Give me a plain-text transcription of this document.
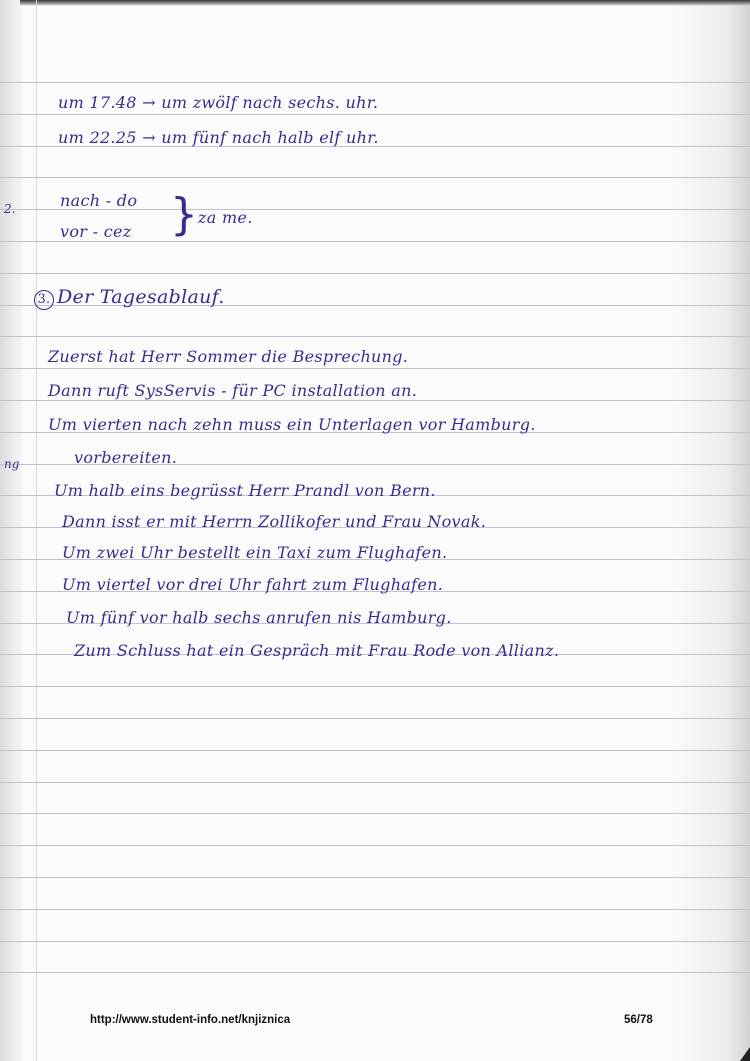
um 17.48 → um zwölf nach sechs. uhr.
um 22.25 → um fünf nach halb elf uhr.
2.	nach - do
vor - cez } za me.
3. Der Tagesablauf.
Zuerst hat Herr Sommer die Besprechung.
Dann ruft SysServis - für PC installation an.
Um vierten nach zehn muss ein Unterlagen vor Hamburg.
ng	vorbereiten.
Um halb eins begrüsst Herr Prandl von Bern.
Dann isst er mit Herrn Zollikofer und Frau Novak.
Um zwei Uhr bestellt ein Taxi zum Flughafen.
Um viertel vor drei Uhr fahrt zum Flughafen.
Um fünf vor halb sechs anrufen nis Hamburg.
Zum Schluss hat ein Gespräch mit Frau Rode von Allianz.
http://www.student-info.net/knjiznica	56/78
